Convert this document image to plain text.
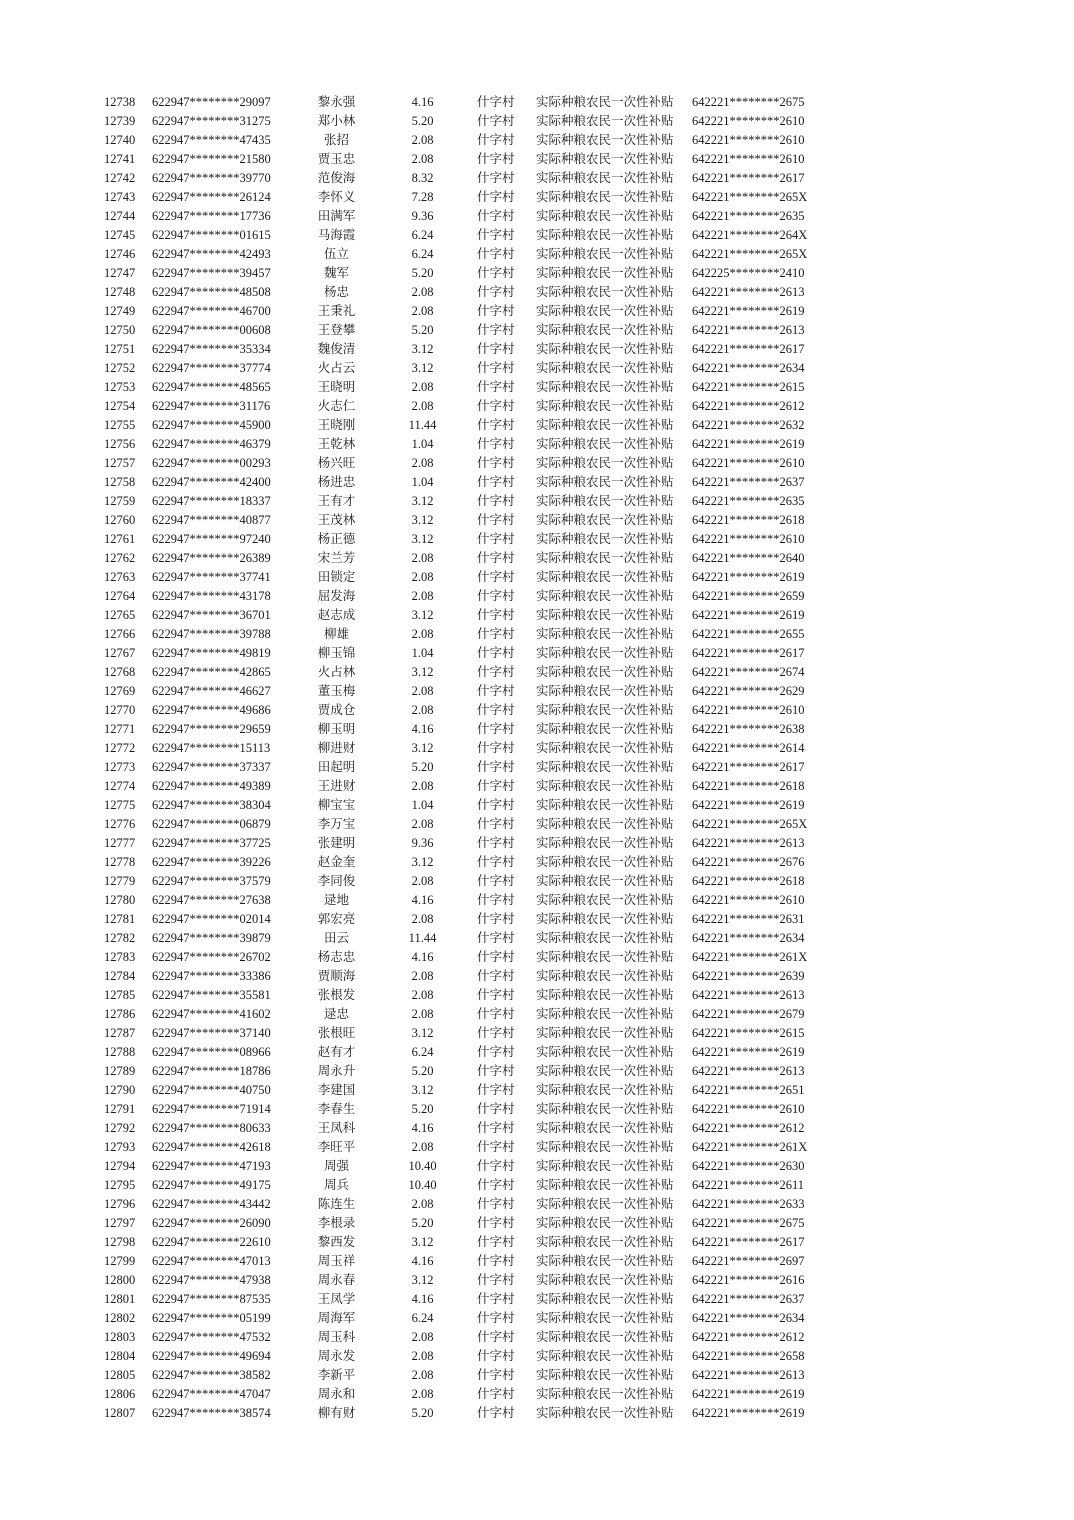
12738 622947********29097	黎永强	4.16	什字村 实际种粮农民一次性补贴 642221********2675
12739 622947********31275	郑小林	5.20	什字村 实际种粮农民一次性补贴 642221********2610
12740 622947********47435	张招	2.08	什字村 实际种粮农民一次性补贴 642221********2610
12741 622947********21580	贾玉忠	2.08	什字村 实际种粮农民一次性补贴 642221********2610
12742 622947********39770	范俊海	8.32	什字村 实际种粮农民一次性补贴 642221********2617
12743 622947********26124	李怀义	7.28	什字村 实际种粮农民一次性补贴 642221********265X
12744 622947********17736	田满军	9.36	什字村 实际种粮农民一次性补贴 642221********2635
12745 622947********01615	马海霞	6.24	什字村 实际种粮农民一次性补贴 642221********264X
12746 622947********42493	伍立	6.24	什字村 实际种粮农民一次性补贴 642221********265X
12747 622947********39457	魏军	5.20	什字村 实际种粮农民一次性补贴 642225********2410
12748 622947********48508	杨忠	2.08	什字村 实际种粮农民一次性补贴 642221********2613
12749 622947********46700	王秉礼	2.08	什字村 实际种粮农民一次性补贴 642221********2619
12750 622947********00608	王登攀	5.20	什字村 实际种粮农民一次性补贴 642221********2613
12751 622947********35334	魏俊清	3.12	什字村 实际种粮农民一次性补贴 642221********2617
12752 622947********37774	火占云	3.12	什字村 实际种粮农民一次性补贴 642221********2634
12753 622947********48565	王晓明	2.08	什字村 实际种粮农民一次性补贴 642221********2615
12754 622947********31176	火志仁	2.08	什字村 实际种粮农民一次性补贴 642221********2612
12755 622947********45900	王晓刚	11.44	什字村 实际种粮农民一次性补贴 642221********2632
12756 622947********46379	王乾林	1.04	什字村 实际种粮农民一次性补贴 642221********2619
12757 622947********00293	杨兴旺	2.08	什字村 实际种粮农民一次性补贴 642221********2610
12758 622947********42400	杨进忠	1.04	什字村 实际种粮农民一次性补贴 642221********2637
12759 622947********18337	王有才	3.12	什字村 实际种粮农民一次性补贴 642221********2635
12760 622947********40877	王茂林	3.12	什字村 实际种粮农民一次性补贴 642221********2618
12761 622947********97240	杨正德	3.12	什字村 实际种粮农民一次性补贴 642221********2610
12762 622947********26389	宋兰芳	2.08	什字村 实际种粮农民一次性补贴 642221********2640
12763 622947********37741	田锁定	2.08	什字村 实际种粮农民一次性补贴 642221********2619
12764 622947********43178	屈发海	2.08	什字村 实际种粮农民一次性补贴 642221********2659
12765 622947********36701	赵志成	3.12	什字村 实际种粮农民一次性补贴 642221********2619
12766 622947********39788	柳雄	2.08	什字村 实际种粮农民一次性补贴 642221********2655
12767 622947********49819	柳玉锦	1.04	什字村 实际种粮农民一次性补贴 642221********2617
12768 622947********42865	火占林	3.12	什字村 实际种粮农民一次性补贴 642221********2674
12769 622947********46627	董玉梅	2.08	什字村 实际种粮农民一次性补贴 642221********2629
12770 622947********49686	贾成仓	2.08	什字村 实际种粮农民一次性补贴 642221********2610
12771 622947********29659	柳玉明	4.16	什字村 实际种粮农民一次性补贴 642221********2638
12772 622947********15113	柳进财	3.12	什字村 实际种粮农民一次性补贴 642221********2614
12773 622947********37337	田起明	5.20	什字村 实际种粮农民一次性补贴 642221********2617
12774 622947********49389	王进财	2.08	什字村 实际种粮农民一次性补贴 642221********2618
12775 622947********38304	柳宝宝	1.04	什字村 实际种粮农民一次性补贴 642221********2619
12776 622947********06879	李万宝	2.08	什字村 实际种粮农民一次性补贴 642221********265X
12777 622947********37725	张建明	9.36	什字村 实际种粮农民一次性补贴 642221********2613
12778 622947********39226	赵金奎	3.12	什字村 实际种粮农民一次性补贴 642221********2676
12779 622947********37579	李同俊	2.08	什字村 实际种粮农民一次性补贴 642221********2618
12780 622947********27638	逯地	4.16	什字村 实际种粮农民一次性补贴 642221********2610
12781 622947********02014	郭宏亮	2.08	什字村 实际种粮农民一次性补贴 642221********2631
12782 622947********39879	田云	11.44	什字村 实际种粮农民一次性补贴 642221********2634
12783 622947********26702	杨志忠	4.16	什字村 实际种粮农民一次性补贴 642221********261X
12784 622947********33386	贾顺海	2.08	什字村 实际种粮农民一次性补贴 642221********2639
12785 622947********35581	张根发	2.08	什字村 实际种粮农民一次性补贴 642221********2613
12786 622947********41602	逯忠	2.08	什字村 实际种粮农民一次性补贴 642221********2679
12787 622947********37140	张根旺	3.12	什字村 实际种粮农民一次性补贴 642221********2615
12788 622947********08966	赵有才	6.24	什字村 实际种粮农民一次性补贴 642221********2619
12789 622947********18786	周永升	5.20	什字村 实际种粮农民一次性补贴 642221********2613
12790 622947********40750	李建国	3.12	什字村 实际种粮农民一次性补贴 642221********2651
12791 622947********71914	李春生	5.20	什字村 实际种粮农民一次性补贴 642221********2610
12792 622947********80633	王凤科	4.16	什字村 实际种粮农民一次性补贴 642221********2612
12793 622947********42618	李旺平	2.08	什字村 实际种粮农民一次性补贴 642221********261X
12794 622947********47193	周强	10.40	什字村 实际种粮农民一次性补贴 642221********2630
12795 622947********49175	周兵	10.40	什字村 实际种粮农民一次性补贴 642221********2611
12796 622947********43442	陈连生	2.08	什字村 实际种粮农民一次性补贴 642221********2633
12797 622947********26090	李根录	5.20	什字村 实际种粮农民一次性补贴 642221********2675
12798 622947********22610	黎西发	3.12	什字村 实际种粮农民一次性补贴 642221********2617
12799 622947********47013	周玉祥	4.16	什字村 实际种粮农民一次性补贴 642221********2697
12800 622947********47938	周永春	3.12	什字村 实际种粮农民一次性补贴 642221********2616
12801 622947********87535	王凤学	4.16	什字村 实际种粮农民一次性补贴 642221********2637
12802 622947********05199	周海军	6.24	什字村 实际种粮农民一次性补贴 642221********2634
12803 622947********47532	周玉科	2.08	什字村 实际种粮农民一次性补贴 642221********2612
12804 622947********49694	周永发	2.08	什字村 实际种粮农民一次性补贴 642221********2658
12805 622947********38582	李新平	2.08	什字村 实际种粮农民一次性补贴 642221********2613
12806 622947********47047	周永和	2.08	什字村 实际种粮农民一次性补贴 642221********2619
12807 622947********38574	柳有财	5.20	什字村 实际种粮农民一次性补贴 642221********2619
